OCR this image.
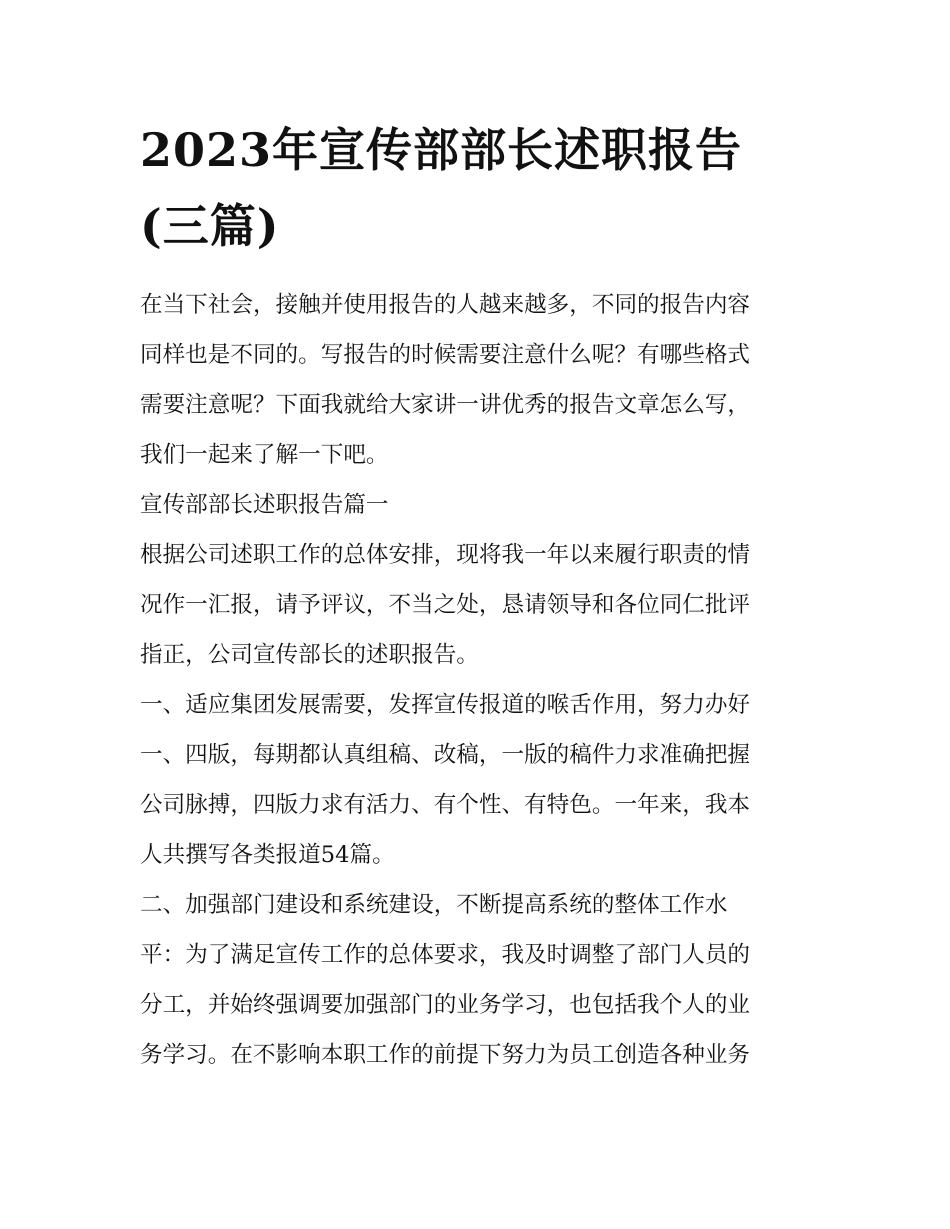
2023年宣传部部长述职报告
(三篇)

在当下社会，接触并使用报告的人越来越多，不同的报告内容
同样也是不同的。写报告的时候需要注意什么呢？有哪些格式
需要注意呢？下面我就给大家讲一讲优秀的报告文章怎么写，
我们一起来了解一下吧。

宣传部部长述职报告篇一

根据公司述职工作的总体安排，现将我一年以来履行职责的情
况作一汇报，请予评议，不当之处，恳请领导和各位同仁批评
指正，公司宣传部长的述职报告。

一、适应集团发展需要，发挥宣传报道的喉舌作用，努力办好
一、四版，每期都认真组稿、改稿，一版的稿件力求准确把握
公司脉搏，四版力求有活力、有个性、有特色。一年来，我本
人共撰写各类报道54篇。

二、加强部门建设和系统建设，不断提高系统的整体工作水
平：为了满足宣传工作的总体要求，我及时调整了部门人员的
分工，并始终强调要加强部门的业务学习，也包括我个人的业
务学习。在不影响本职工作的前提下努力为员工创造各种业务
